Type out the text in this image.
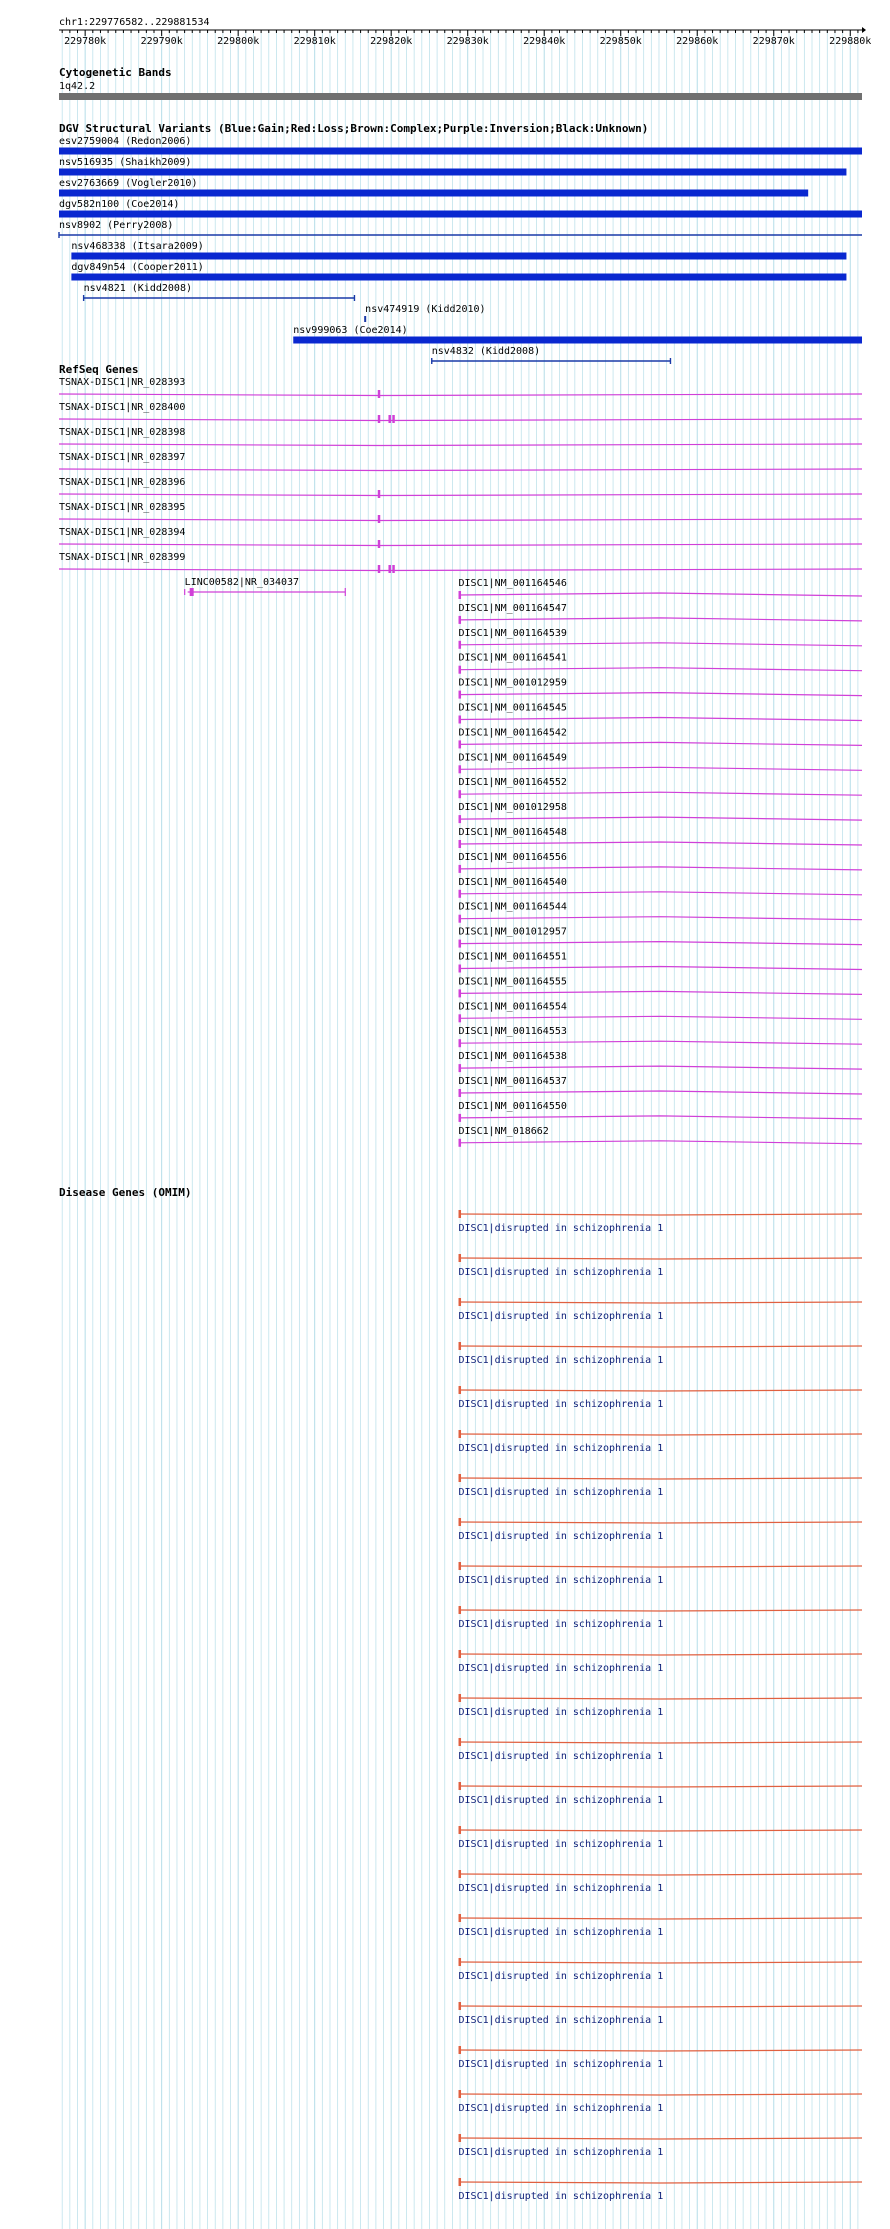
chr1:229776582..229881534
229780k	229790k	229800k	229810k	229820k	229830k	229840k	229850k	229860k	229870k	229880k
Cytogenetic Bands
1q42.2
DGV Structural Variants (Blue:Gain;Red:Loss;Brown:Complex;Purple:Inversion;Black:Unknown)
esv2759004 (Redon2006)
nsv516935 (Shaikh2009)
esv2763669 (Vogler2010)
dgv582n100 (Coe2014)
nsv8902 (Perry2008)
nsv468338 (Itsara2009)
dgv849n54 (Cooper2011)
nsv4821 (Kidd2008)
nsv474919 (Kidd2010)
nsv999063 (Coe2014)
nsv4832 (Kidd2008)
RefSeq Genes
TSNAX-DISC1|NR_028393
TSNAX-DISC1|NR_028400
TSNAX-DISC1|NR_028398
TSNAX-DISC1|NR_028397
TSNAX-DISC1|NR_028396
TSNAX-DISC1|NR_028395
TSNAX-DISC1|NR_028394
TSNAX-DISC1|NR_028399
LINC00582|NR_034037	DISC1|NM_001164546
DISC1|NM_001164547
DISC1|NM_001164539
DISC1|NM_001164541
DISC1|NM_001012959
DISC1|NM_001164545
DISC1|NM_001164542
DISC1|NM_001164549
DISC1|NM_001164552
DISC1|NM_001012958
DISC1|NM_001164548
DISC1|NM_001164556
DISC1|NM_001164540
DISC1|NM_001164544
DISC1|NM_001012957
DISC1|NM_001164551
DISC1|NM_001164555
DISC1|NM_001164554
DISC1|NM_001164553
DISC1|NM_001164538
DISC1|NM_001164537
DISC1|NM_001164550
DISC1|NM_018662
Disease Genes (OMIM)
DISC1|disrupted in schizophrenia 1
DISC1|disrupted in schizophrenia 1
DISC1|disrupted in schizophrenia 1
DISC1|disrupted in schizophrenia 1
DISC1|disrupted in schizophrenia 1
DISC1|disrupted in schizophrenia 1
DISC1|disrupted in schizophrenia 1
DISC1|disrupted in schizophrenia 1
DISC1|disrupted in schizophrenia 1
DISC1|disrupted in schizophrenia 1
DISC1|disrupted in schizophrenia 1
DISC1|disrupted in schizophrenia 1
DISC1|disrupted in schizophrenia 1
DISC1|disrupted in schizophrenia 1
DISC1|disrupted in schizophrenia 1
DISC1|disrupted in schizophrenia 1
DISC1|disrupted in schizophrenia 1
DISC1|disrupted in schizophrenia 1
DISC1|disrupted in schizophrenia 1
DISC1|disrupted in schizophrenia 1
DISC1|disrupted in schizophrenia 1
DISC1|disrupted in schizophrenia 1
DISC1|disrupted in schizophrenia 1
